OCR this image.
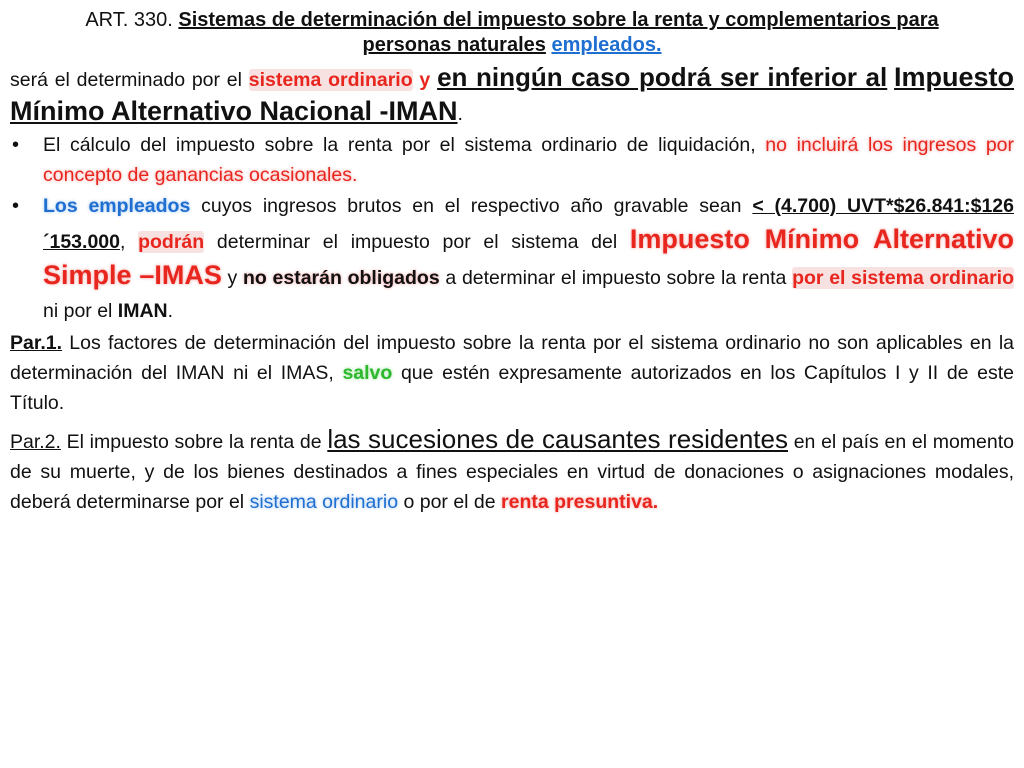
ART. 330. Sistemas de determinación del impuesto sobre la renta y complementarios para
personas naturales empleados.

será el determinado por el sistema ordinario y en ningún caso podrá ser inferior al Impuesto Mínimo Alternativo Nacional -IMAN.

• El cálculo del impuesto sobre la renta por el sistema ordinario de liquidación, no incluirá los ingresos por concepto de ganancias ocasionales.
• Los empleados cuyos ingresos brutos en el respectivo año gravable sean < (4.700) UVT*$26.841:$126´153.000, podrán determinar el impuesto por el sistema del Impuesto Mínimo Alternativo Simple –IMAS y no estarán obligados a determinar el impuesto sobre la renta por el sistema ordinario ni por el IMAN.

Par.1. Los factores de determinación del impuesto sobre la renta por el sistema ordinario no son aplicables en la determinación del IMAN ni el IMAS, salvo que estén expresamente autorizados en los Capítulos I y II de este Título.

Par.2. El impuesto sobre la renta de las sucesiones de causantes residentes en el país en el momento de su muerte, y de los bienes destinados a fines especiales en virtud de donaciones o asignaciones modales, deberá determinarse por el sistema ordinario o por el de renta presuntiva.
